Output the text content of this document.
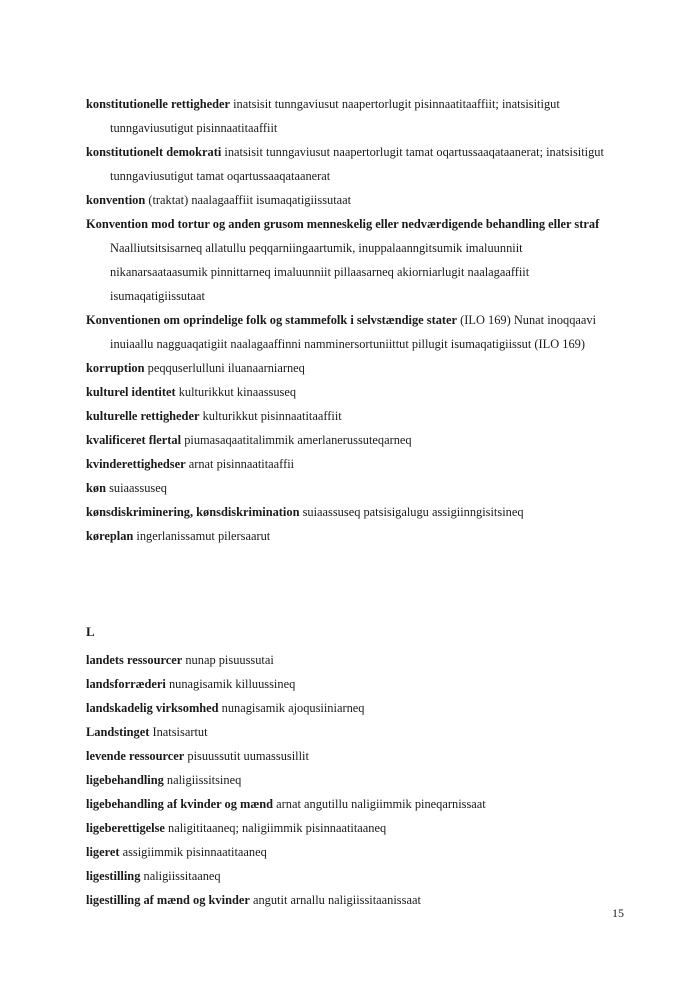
konstitutionelle rettigheder inatsisit tunngaviusut naapertorlugit pisinnaatitaaffiit; inatsisitigut tunngaviusutigut pisinnaatitaaffiit

konstitutionelt demokrati inatsisit tunngaviusut naapertorlugit tamat oqartussaaqataanerat; inatsisitigut tunngaviusutigut tamat oqartussaaqataanerat

konvention (traktat) naalagaaffiit isumaqatigiissutaat

Konvention mod tortur og anden grusom menneskelig eller nedværdigende behandling eller straf Naalliutsitsisarneq allatullu peqqarniingaartumik, inuppalaanngitsumik imaluunniit nikanarsaataasumik pinnittarneq imaluunniit pillaasarneq akiorniarlugit naalagaaffiit isumaqatigiissutaat

Konventionen om oprindelige folk og stammefolk i selvstændige stater (ILO 169) Nunat inoqqaavi inuiaallu nagguaqatigiit naalagaaffinni namminersortuniittut pillugit isumaqatigiissut (ILO 169)

korruption peqquserlulluni iluanaarniarneq

kulturel identitet kulturikkut kinaassuseq

kulturelle rettigheder kulturikkut pisinnaatitaaffiit

kvalificeret flertal piumasaqaatitalimmik amerlanerussuteqarneq

kvinderettighedser arnat pisinnaatitaaffii

køn suiaassuseq

kønsdiskriminering, kønsdiskrimination suiaassuseq patsisigalugu assigiinngisitsineq

køreplan ingerlanissamut pilersaarut

L

landets ressourcer nunap pisuussutai

landsforræderi nunagisamik killuussineq

landskadelig virksomhed nunagisamik ajoqusiiniarneq

Landstinget Inatsisartut

levende ressourcer pisuussutit uumassusillit

ligebehandling naligiissitsineq

ligebehandling af kvinder og mænd arnat angutillu naligiimmik pineqarnissaat

ligeberettigelse naligititaaneq; naligiimmik pisinnaatitaaneq

ligeret assigiimmik pisinnaatitaaneq

ligestilling naligiissitaaneq

ligestilling af mænd og kvinder angutit arnallu naligiissitaanissaat

15
